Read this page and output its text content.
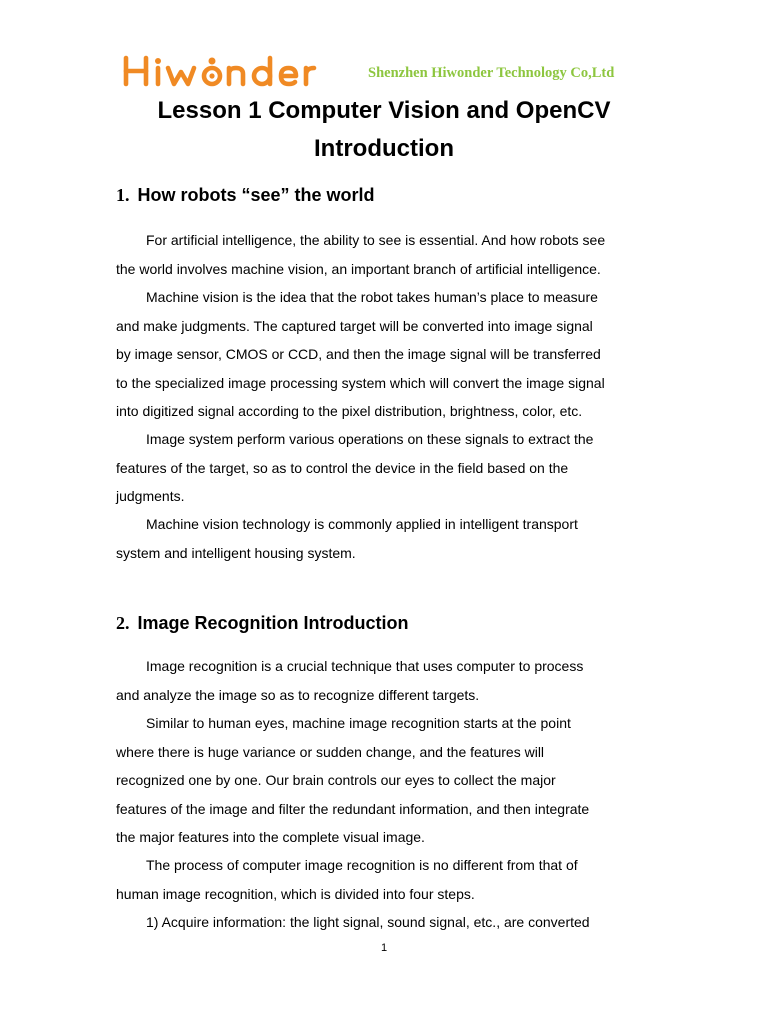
Shenzhen Hiwonder Technology Co,Ltd
Lesson 1 Computer Vision and OpenCV
Introduction
1. How robots “see” the world

For artificial intelligence, the ability to see is essential. And how robots see
the world involves machine vision, an important branch of artificial intelligence.

Machine vision is the idea that the robot takes human’s place to measure
and make judgments. The captured target will be converted into image signal
by image sensor, CMOS or CCD, and then the image signal will be transferred
to the specialized image processing system which will convert the image signal
into digitized signal according to the pixel distribution, brightness, color, etc.

Image system perform various operations on these signals to extract the
features of the target, so as to control the device in the field based on the
judgments.

Machine vision technology is commonly applied in intelligent transport
system and intelligent housing system.

2. Image Recognition Introduction

Image recognition is a crucial technique that uses computer to process
and analyze the image so as to recognize different targets.

Similar to human eyes, machine image recognition starts at the point
where there is huge variance or sudden change, and the features will
recognized one by one. Our brain controls our eyes to collect the major
features of the image and filter the redundant information, and then integrate
the major features into the complete visual image.

The process of computer image recognition is no different from that of
human image recognition, which is divided into four steps.

1) Acquire information: the light signal, sound signal, etc., are converted

1
